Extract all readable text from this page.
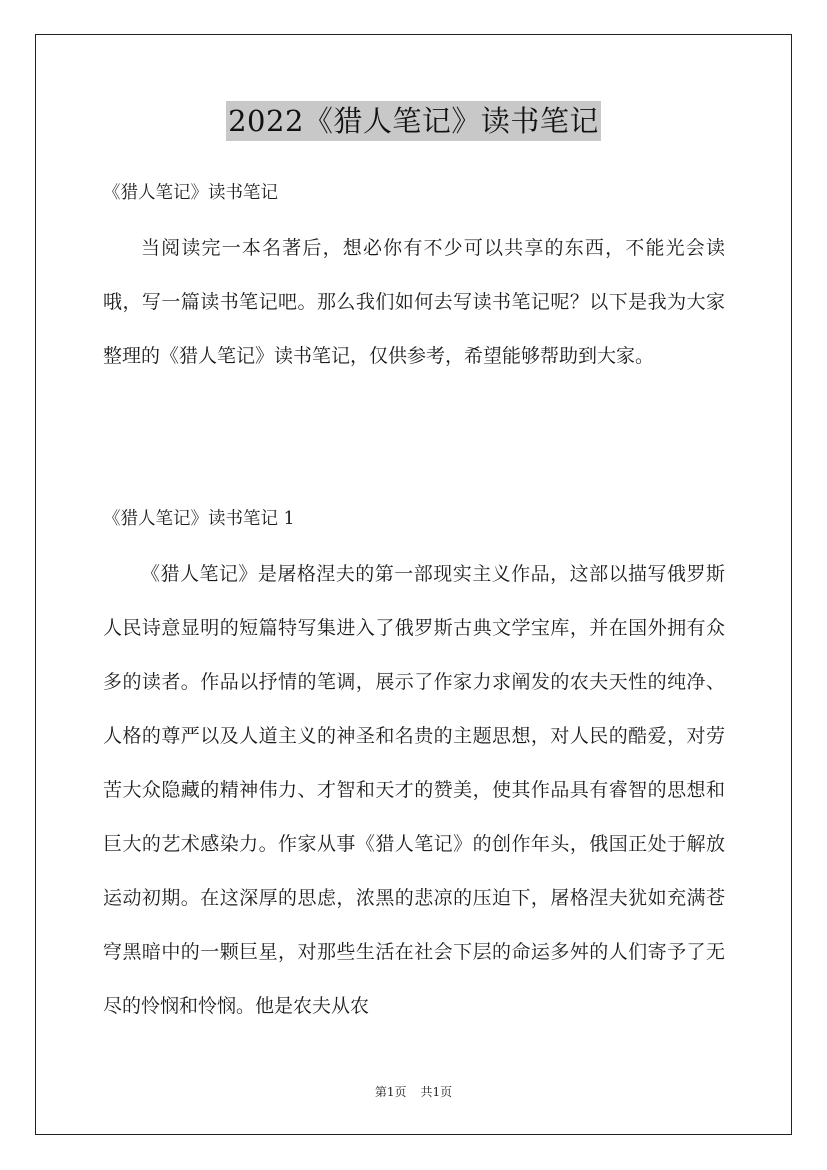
2022《猎人笔记》读书笔记
《猎人笔记》读书笔记

当阅读完一本名著后，想必你有不少可以共享的东西，不能光会读哦，写一篇读书笔记吧。那么我们如何去写读书笔记呢？以下是我为大家整理的《猎人笔记》读书笔记，仅供参考，希望能够帮助到大家。

《猎人笔记》读书笔记 1

《猎人笔记》是屠格涅夫的第一部现实主义作品，这部以描写俄罗斯人民诗意显明的短篇特写集进入了俄罗斯古典文学宝库，并在国外拥有众多的读者。作品以抒情的笔调，展示了作家力求阐发的农夫天性的纯净、人格的尊严以及人道主义的神圣和名贵的主题思想，对人民的酷爱，对劳苦大众隐藏的精神伟力、才智和天才的赞美，使其作品具有睿智的思想和巨大的艺术感染力。作家从事《猎人笔记》的创作年头，俄国正处于解放运动初期。在这深厚的思虑，浓黑的悲凉的压迫下，屠格涅夫犹如充满苍穹黑暗中的一颗巨星，对那些生活在社会下层的命运多舛的人们寄予了无尽的怜悯和怜悯。他是农夫从农

第1页 共1页
